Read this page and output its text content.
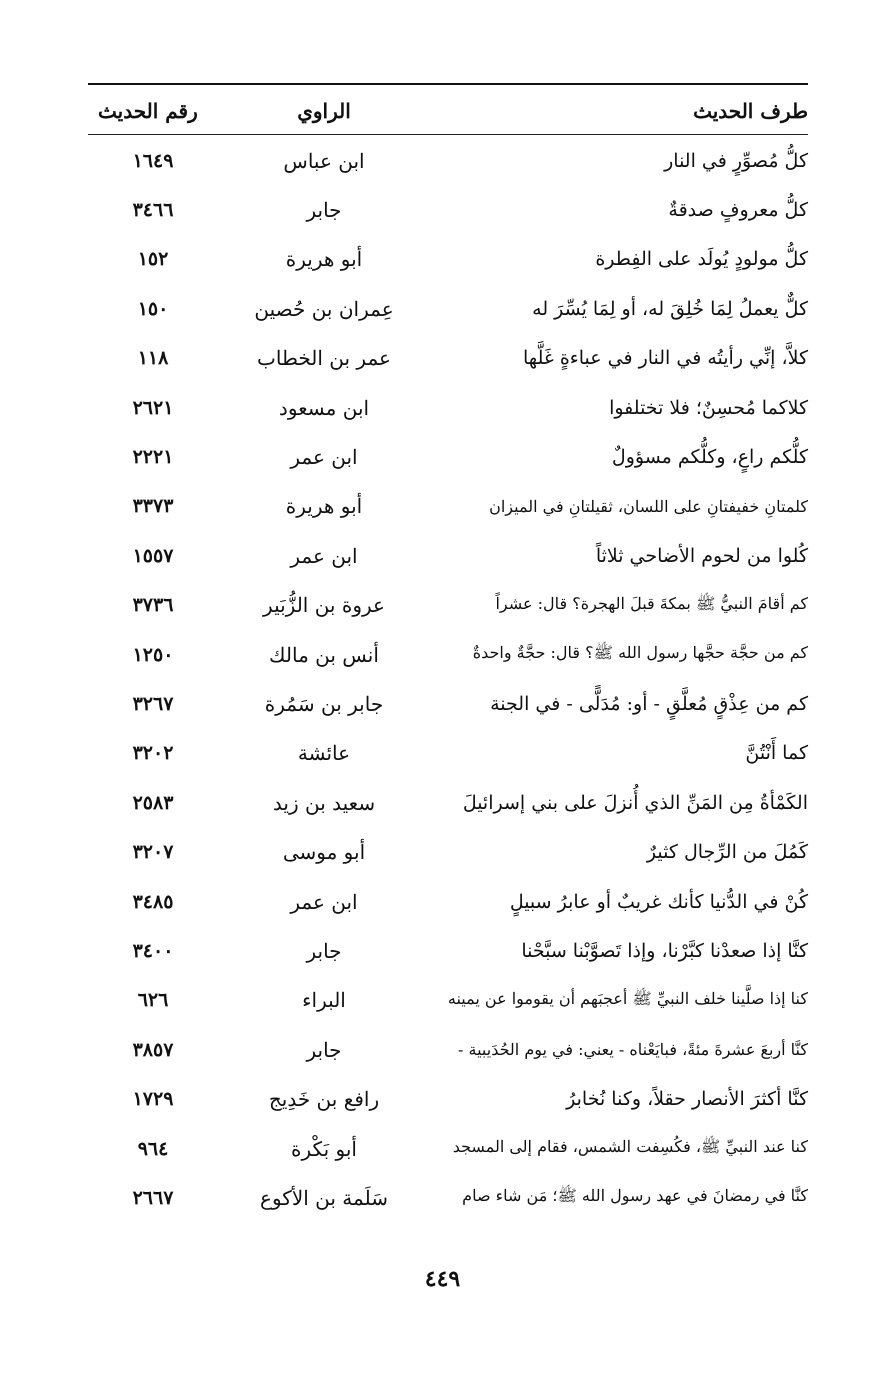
طرف الحديث
الراوي
رقم الحديث
كلُّ مُصوِّرٍ في النار
ابن عباس
١٦٤٩
كلُّ معروفٍ صدقةٌ
جابر
٣٤٦٦
كلُّ مولودٍ يُولَد على الفِطرة
أبو هريرة
١٥٢
كلٌّ يعملُ لِمَا خُلِقَ له، أو لِمَا يُسِّرَ له
عِمران بن حُصين
١٥٠
كلاَّ، إنِّي رأيتُه في النار في عباءةٍ غَلَّها
عمر بن الخطاب
١١٨
كلاكما مُحسِنٌ؛ فلا تختلفوا
ابن مسعود
٢٦٢١
كلُّكم راعٍ، وكلُّكم مسؤولٌ
ابن عمر
٢٢٢١
كلمتانِ خفيفتانِ على اللسان، ثقيلتانِ في الميزان
أبو هريرة
٣٣٧٣
كُلوا من لحوم الأضاحي ثلاثاً
ابن عمر
١٥٥٧
كم أقامَ النبيُّ ﷺ بمكةَ قبلَ الهجرة؟ قال: عشراً
عروة بن الزُّبَير
٣٧٣٦
كم من حجَّة حجَّها رسول الله ﷺ؟ قال: حجَّةٌ واحدةٌ
أنس بن مالك
١٢٥٠
كم من عِذْقٍ مُعلَّقٍ - أو: مُدَلًّى - في الجنة
جابر بن سَمُرة
٣٢٦٧
كما أَنْتُنَّ
عائشة
٣٢٠٢
الكَمْأةُ مِن المَنِّ الذي أُنزلَ على بني إسرائيلَ
سعيد بن زيد
٢٥٨٣
كَمُلَ من الرِّجال كثيرٌ
أبو موسى
٣٢٠٧
كُنْ في الدُّنيا كأنك غريبٌ أو عابرُ سبيلٍ
ابن عمر
٣٤٨٥
كنَّا إذا صعدْنا كبَّرْنا، وإذا تَصوَّبْنا سبَّحْنا
جابر
٣٤٠٠
كنا إذا صلَّينا خلف النبيِّ ﷺ أعجبَهم أن يقوموا عن يمينه
البراء
٦٢٦
كنَّا أربعَ عشرةَ مئةً، فبايَعْناه - يعني: في يوم الحُدَيبية -
جابر
٣٨٥٧
كنَّا أكثرَ الأنصار حقلاً، وكنا نُخابرُ
رافع بن خَدِيج
١٧٢٩
كنا عند النبيِّ ﷺ، فكُسِفت الشمس، فقام إلى المسجد
أبو بَكْرة
٩٦٤
كنَّا في رمضانَ في عهد رسول الله ﷺ؛ مَن شاء صام
سَلَمة بن الأكوع
٢٦٦٧
٤٤٩
